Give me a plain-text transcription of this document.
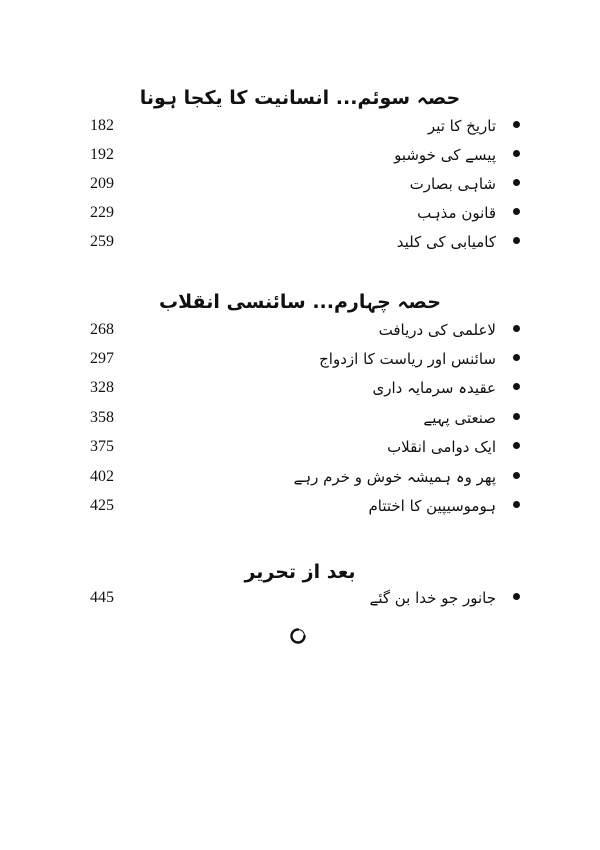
حصہ سوئم... انسانیت کا یکجا ہونا
182	تاریخ کا تیر
192	پیسے کی خوشبو
209	شاہی بصارت
229	قانون مذہب
259	کامیابی کی کلید
حصہ چہارم... سائنسی انقلاب
268	لاعلمی کی دریافت
297	سائنس اور ریاست کا ازدواج
328	عقیدہ سرمایہ داری
358	صنعتی پہیے
375	ایک دوامی انقلاب
402	پھر وہ ہمیشہ خوش و خرم رہے
425	ہوموسیپین کا اختتام
بعد از تحریر
445	جانور جو خدا بن گئے
